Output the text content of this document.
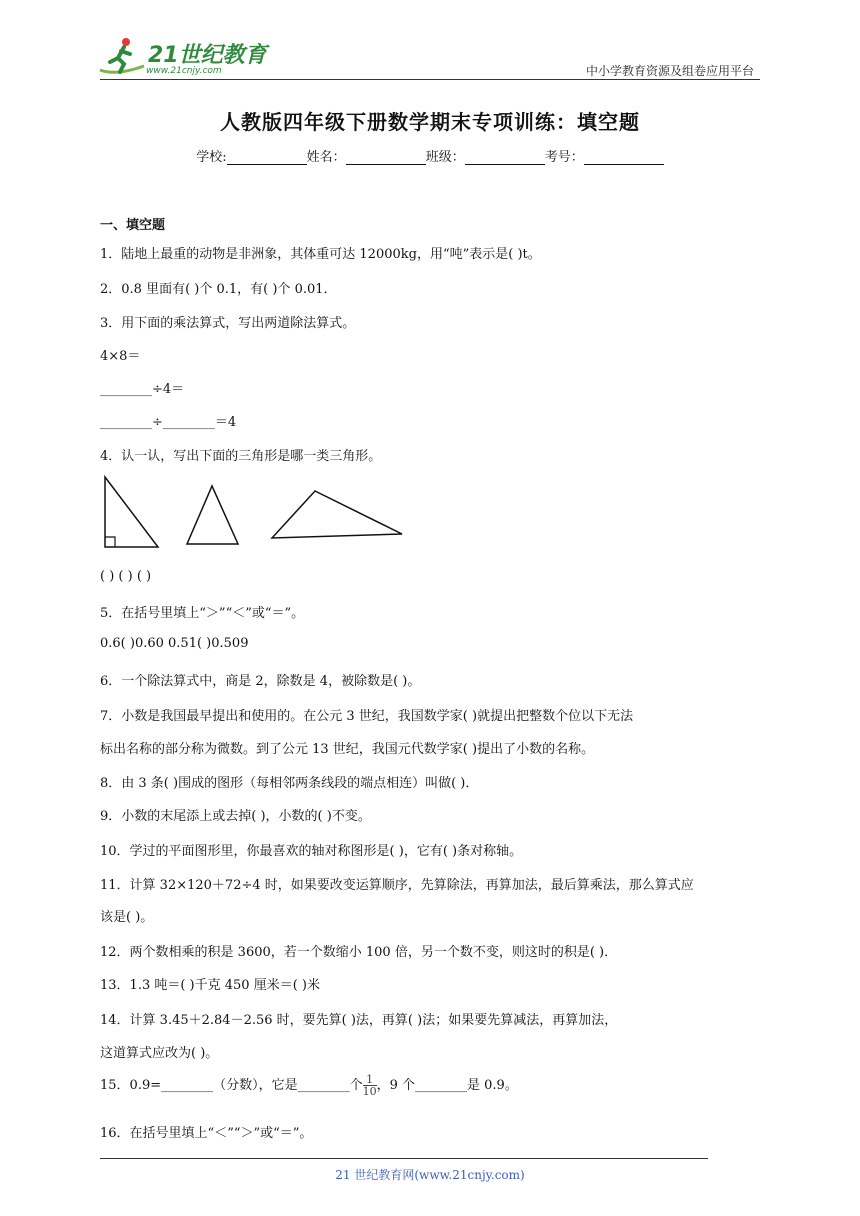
21世纪教育
www.21cnjy.com	中小学教育资源及组卷应用平台
人教版四年级下册数学期末专项训练：填空题
学校:	姓名：	班级：	考号：
一、填空题
1．陆地上最重的动物是非洲象，其体重可达 12000kg，用“吨”表示是( )t。
2．0.8 里面有( )个 0.1，有( )个 0.01．
3．用下面的乘法算式，写出两道除法算式。
4×8＝
________÷4＝
________÷________＝4
4．认一认，写出下面的三角形是哪一类三角形。
( ) ( ) ( )
5．在括号里填上“＞”“＜”或“＝”。
0.6( )0.60 0.51( )0.509
6．一个除法算式中，商是 2，除数是 4，被除数是( )。
7．小数是我国最早提出和使用的。在公元 3 世纪，我国数学家( )就提出把整数个位以下无法
标出名称的部分称为微数。到了公元 13 世纪，我国元代数学家( )提出了小数的名称。
8．由 3 条( )围成的图形（每相邻两条线段的端点相连）叫做( )．
9．小数的末尾添上或去掉( )，小数的( )不变。
10．学过的平面图形里，你最喜欢的轴对称图形是( )，它有( )条对称轴。
11．计算 32×120＋72÷4 时，如果要改变运算顺序，先算除法，再算加法，最后算乘法，那么算式应
该是( )。
12．两个数相乘的积是 3600，若一个数缩小 100 倍，另一个数不变，则这时的积是( )．
13．1.3 吨＝( )千克 450 厘米＝( )米
14．计算 3.45＋2.84－2.56 时，要先算( )法，再算( )法；如果要先算减法，再算加法，
这道算式应改为( )。
15．0.9=________（分数），它是________个 $\frac{1}{10}$ ，9 个________是 0.9。
16．在括号里填上“＜”“＞”或“＝”。
21 世纪教育网(www.21cnjy.com)
